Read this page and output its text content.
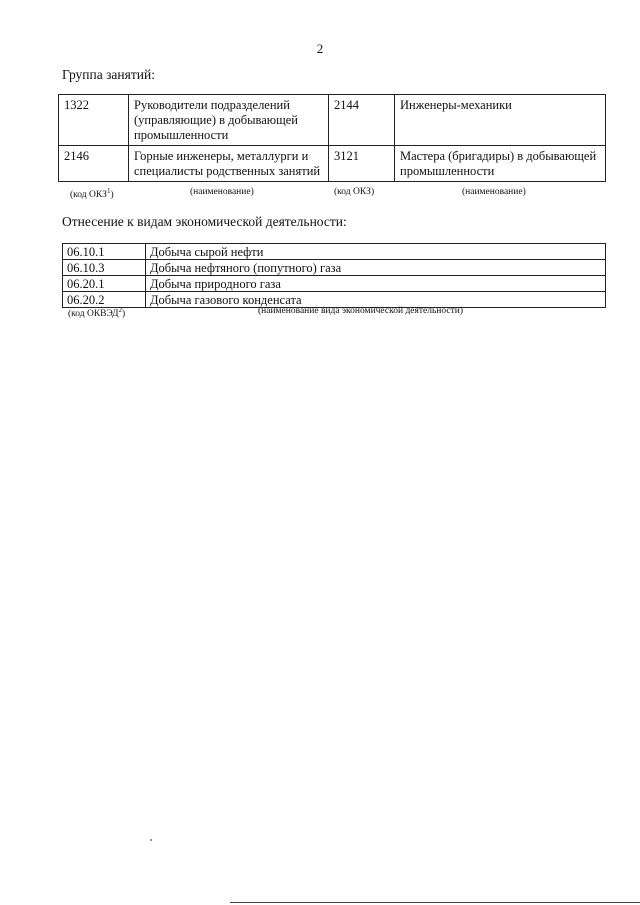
2
Группа занятий:
1322	Руководители подразделений (управляющие) в добывающей промышленности	2144	Инженеры-механики
2146	Горные инженеры, металлурги и специалисты родственных занятий	3121	Мастера (бригадиры) в добывающей промышленности
(код ОКЗ$^1$)	(наименование)	(код ОКЗ)	(наименование)
Отнесение к видам экономической деятельности:
06.10.1	Добыча сырой нефти
06.10.3	Добыча нефтяного (попутного) газа
06.20.1	Добыча природного газа
06.20.2	Добыча газового конденсата
(код ОКВЭД$^2$)	(наименование вида экономической деятельности)
